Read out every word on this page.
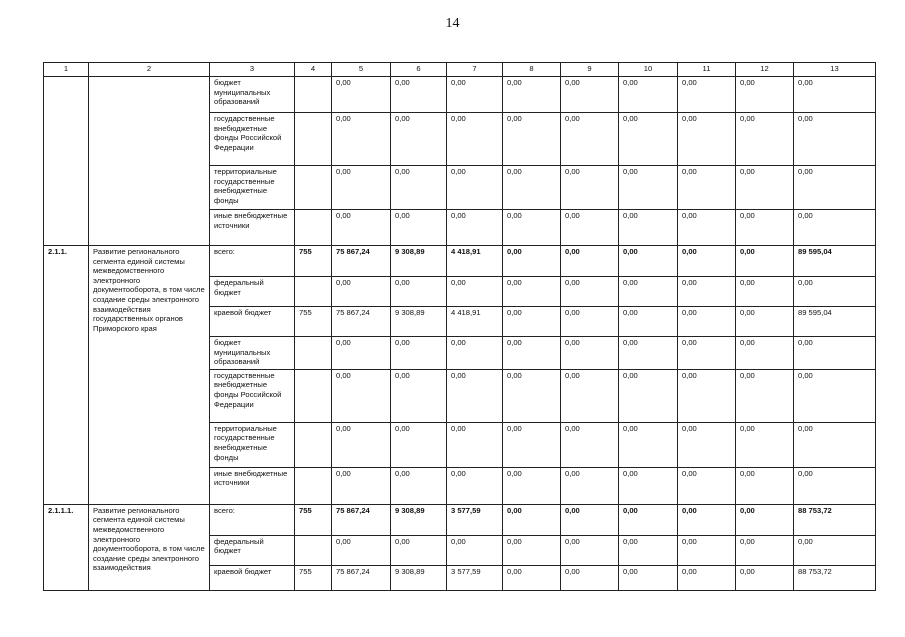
14
1	2	3	4	5	6	7	8	9	10	11	12	13
		бюджет муниципальных образований		0,00	0,00	0,00	0,00	0,00	0,00	0,00	0,00	0,00
		государственные внебюджетные фонды Российской Федерации		0,00	0,00	0,00	0,00	0,00	0,00	0,00	0,00	0,00
		территориальные государственные внебюджетные фонды		0,00	0,00	0,00	0,00	0,00	0,00	0,00	0,00	0,00
		иные внебюджетные источники		0,00	0,00	0,00	0,00	0,00	0,00	0,00	0,00	0,00
2.1.1.	Развитие регионального сегмента единой системы межведомственного электронного документооборота, в том числе создание среды электронного взаимодействия государственных органов Приморского края	всего:	755	75 867,24	9 308,89	4 418,91	0,00	0,00	0,00	0,00	0,00	89 595,04
		федеральный бюджет		0,00	0,00	0,00	0,00	0,00	0,00	0,00	0,00	0,00
		краевой бюджет	755	75 867,24	9 308,89	4 418,91	0,00	0,00	0,00	0,00	0,00	89 595,04
		бюджет муниципальных образований		0,00	0,00	0,00	0,00	0,00	0,00	0,00	0,00	0,00
		государственные внебюджетные фонды Российской Федерации		0,00	0,00	0,00	0,00	0,00	0,00	0,00	0,00	0,00
		территориальные государственные внебюджетные фонды		0,00	0,00	0,00	0,00	0,00	0,00	0,00	0,00	0,00
		иные внебюджетные источники		0,00	0,00	0,00	0,00	0,00	0,00	0,00	0,00	0,00
2.1.1.1.	Развитие регионального сегмента единой системы межведомственного электронного документооборота, в том числе создание среды электронного взаимодействия	всего:	755	75 867,24	9 308,89	3 577,59	0,00	0,00	0,00	0,00	0,00	88 753,72
		федеральный бюджет		0,00	0,00	0,00	0,00	0,00	0,00	0,00	0,00	0,00
		краевой бюджет	755	75 867,24	9 308,89	3 577,59	0,00	0,00	0,00	0,00	0,00	88 753,72
